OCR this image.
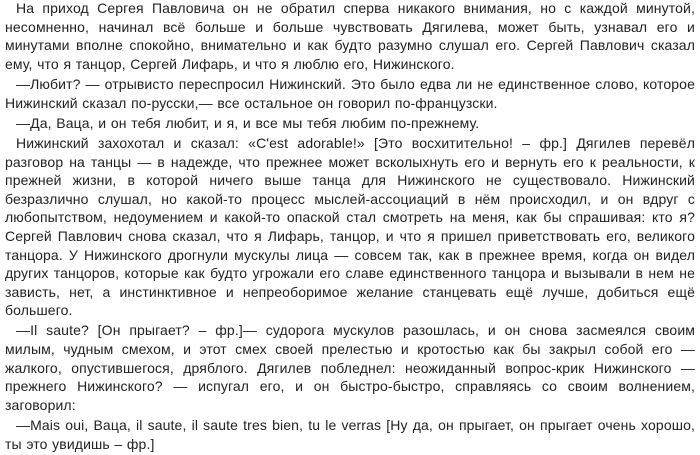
На приход Сергея Павловича он не обратил сперва никакого внимания, но с каждой минутой, несомненно, начинал всё больше и больше чувствовать Дягилева, может быть, узнавал его и минутами вполне спокойно, внимательно и как будто разумно слушал его. Сергей Павлович сказал ему, что я танцор, Сергей Лифарь, и что я люблю его, Нижинского.

—Любит? — отрывисто переспросил Нижинский. Это было едва ли не единственное слово, которое Нижинский сказал по-русски,— все остальное он говорил по-французски.

—Да, Ваца, и он тебя любит, и я, и все мы тебя любим по-прежнему.

Нижинский захохотал и сказал: «C'est adorable!» [Это восхитительно! – фр.] Дягилев перевёл разговор на танцы — в надежде, что прежнее может всколыхнуть его и вернуть его к реальности, к прежней жизни, в которой ничего выше танца для Нижинского не существовало. Нижинский безразлично слушал, но какой-то процесс мыслей-ассоциаций в нём происходил, и он вдруг с любопытством, недоумением и какой-то опаской стал смотреть на меня, как бы спрашивая: кто я? Сергей Павлович снова сказал, что я Лифарь, танцор, и что я пришел приветствовать его, великого танцора. У Нижинского дрогнули мускулы лица — совсем так, как в прежнее время, когда он видел других танцоров, которые как будто угрожали его славе единственного танцора и вызывали в нем не зависть, нет, а инстинктивное и непреоборимое желание станцевать ещё лучше, добиться ещё большего.

—Il saute? [Он прыгает? – фр.]— судорога мускулов разошлась, и он снова засмеялся своим милым, чудным смехом, и этот смех своей прелестью и кротостью как бы закрыл собой его — жалкого, опустившегося, дряблого. Дягилев побледнел: неожиданный вопрос-крик Нижинского — прежнего Нижинского? — испугал его, и он быстро-быстро, справляясь со своим волнением, заговорил:

—Mais oui, Ваца, il saute, il saute tres bien, tu le verras [Ну да, он прыгает, он прыгает очень хорошо, ты это увидишь – фр.]
